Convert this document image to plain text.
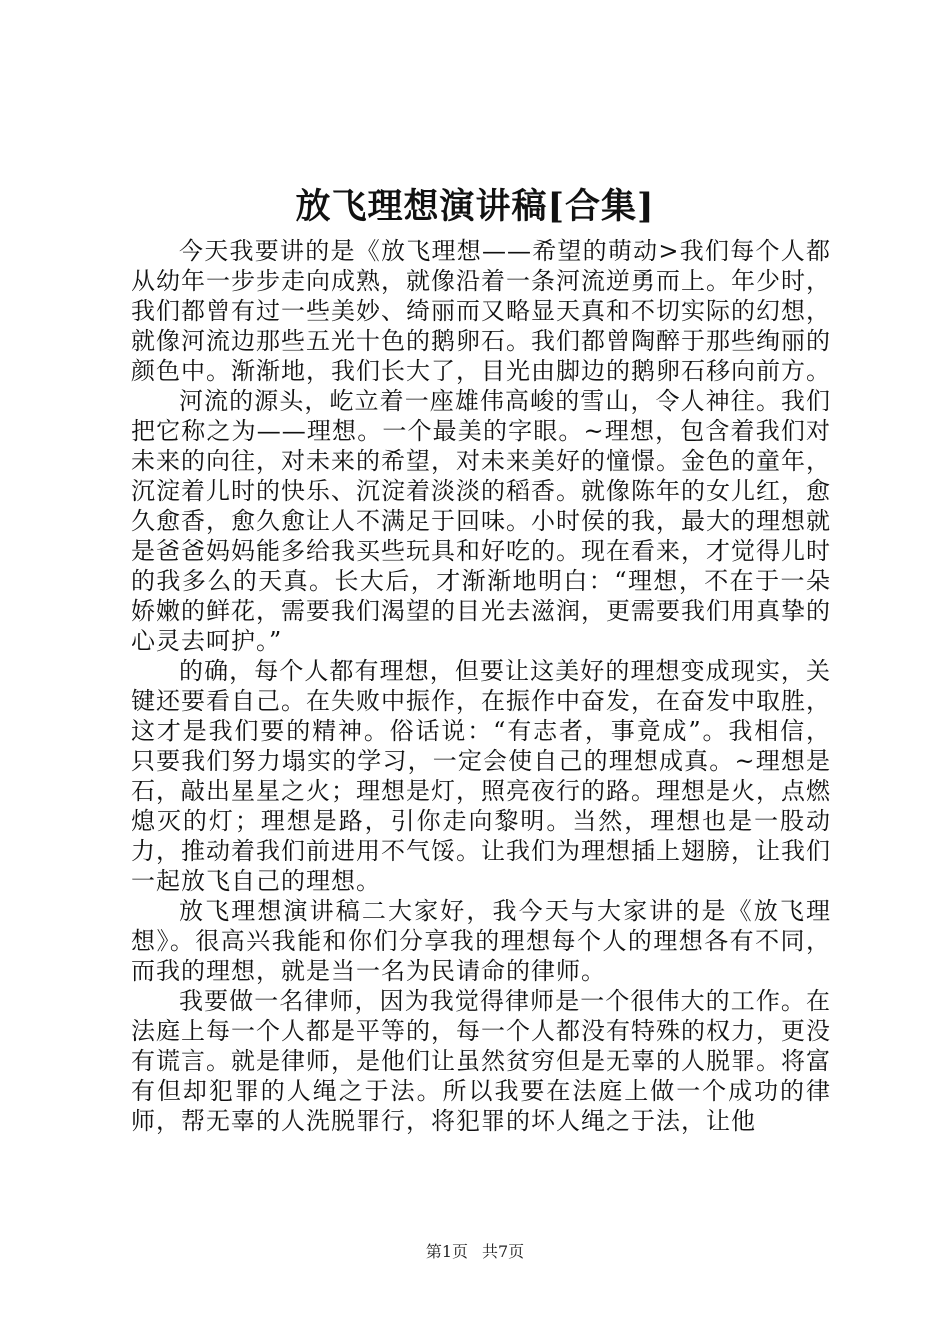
放飞理想演讲稿[合集]

今天我要讲的是《放飞理想——希望的萌动>我们每个人都从幼年一步步走向成熟，就像沿着一条河流逆勇而上。年少时，我们都曾有过一些美妙、绮丽而又略显天真和不切实际的幻想，就像河流边那些五光十色的鹅卵石。我们都曾陶醉于那些绚丽的颜色中。渐渐地，我们长大了，目光由脚边的鹅卵石移向前方。

河流的源头，屹立着一座雄伟高峻的雪山，令人神往。我们把它称之为——理想。一个最美的字眼。~理想，包含着我们对未来的向往，对未来的希望，对未来美好的憧憬。金色的童年，沉淀着儿时的快乐、沉淀着淡淡的稻香。就像陈年的女儿红，愈久愈香，愈久愈让人不满足于回味。小时侯的我，最大的理想就是爸爸妈妈能多给我买些玩具和好吃的。现在看来，才觉得儿时的我多么的天真。长大后，才渐渐地明白：“理想，不在于一朵娇嫩的鲜花，需要我们渴望的目光去滋润，更需要我们用真挚的心灵去呵护。”

的确，每个人都有理想，但要让这美好的理想变成现实，关键还要看自己。在失败中振作，在振作中奋发，在奋发中取胜，这才是我们要的精神。俗话说：“有志者，事竟成”。我相信，只要我们努力塌实的学习，一定会使自己的理想成真。~理想是石，敲出星星之火；理想是灯，照亮夜行的路。理想是火，点燃熄灭的灯；理想是路，引你走向黎明。当然，理想也是一股动力，推动着我们前进用不气馁。让我们为理想插上翅膀，让我们一起放飞自己的理想。

放飞理想演讲稿二大家好，我今天与大家讲的是《放飞理想》。很高兴我能和你们分享我的理想每个人的理想各有不同，而我的理想，就是当一名为民请命的律师。

我要做一名律师，因为我觉得律师是一个很伟大的工作。在法庭上每一个人都是平等的，每一个人都没有特殊的权力，更没有谎言。就是律师，是他们让虽然贫穷但是无辜的人脱罪。将富有但却犯罪的人绳之于法。所以我要在法庭上做一个成功的律师，帮无辜的人洗脱罪行，将犯罪的坏人绳之于法，让他

第1页 共7页
